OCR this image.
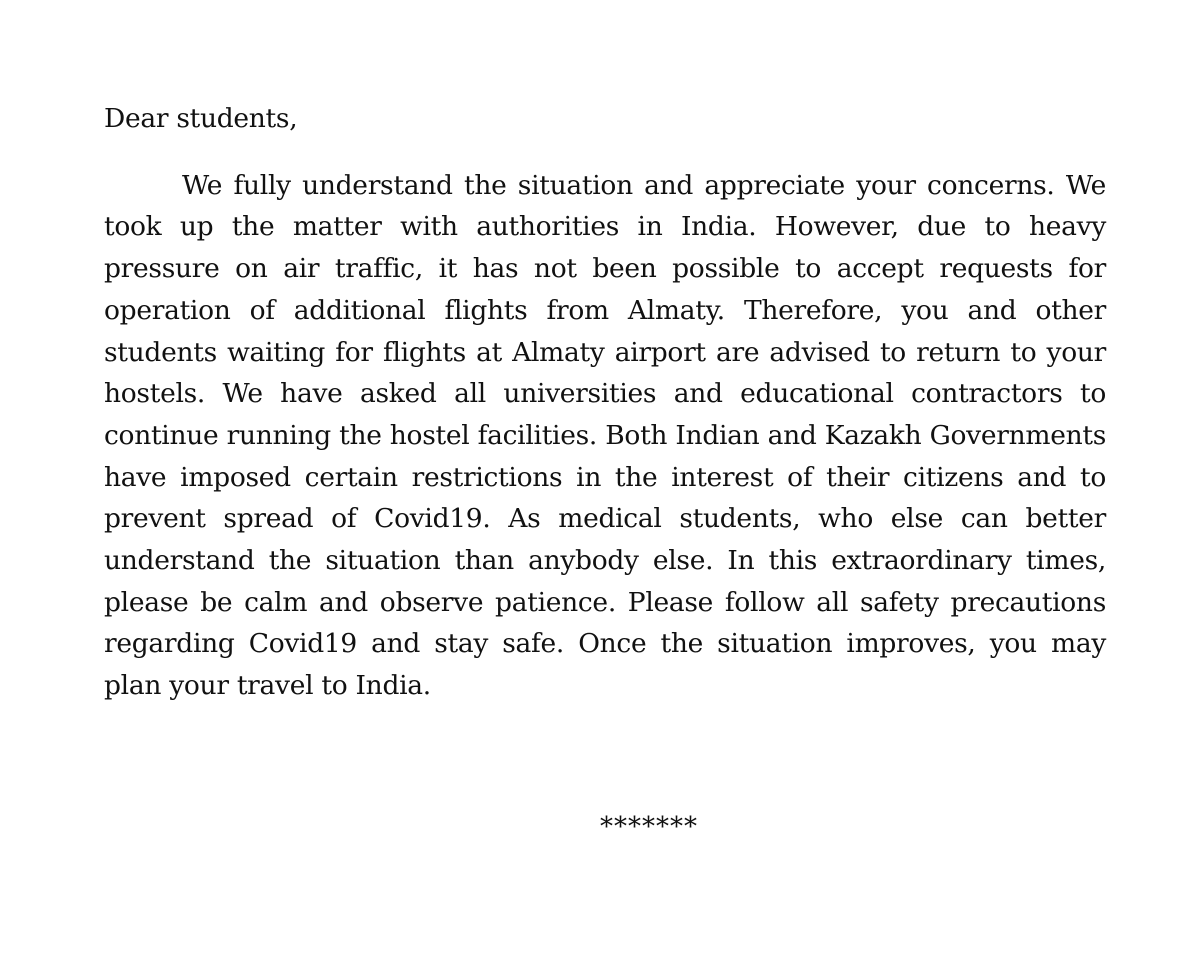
Dear students,

We fully understand the situation and appreciate your concerns. We took up the matter with authorities in India. However, due to heavy pressure on air traffic, it has not been possible to accept requests for operation of additional flights from Almaty. Therefore, you and other students waiting for flights at Almaty airport are advised to return to your hostels. We have asked all universities and educational contractors to continue running the hostel facilities. Both Indian and Kazakh Governments have imposed certain restrictions in the interest of their citizens and to prevent spread of Covid19. As medical students, who else can better understand the situation than anybody else. In this extraordinary times, please be calm and observe patience. Please follow all safety precautions regarding Covid19 and stay safe. Once the situation improves, you may plan your travel to India.

*******
